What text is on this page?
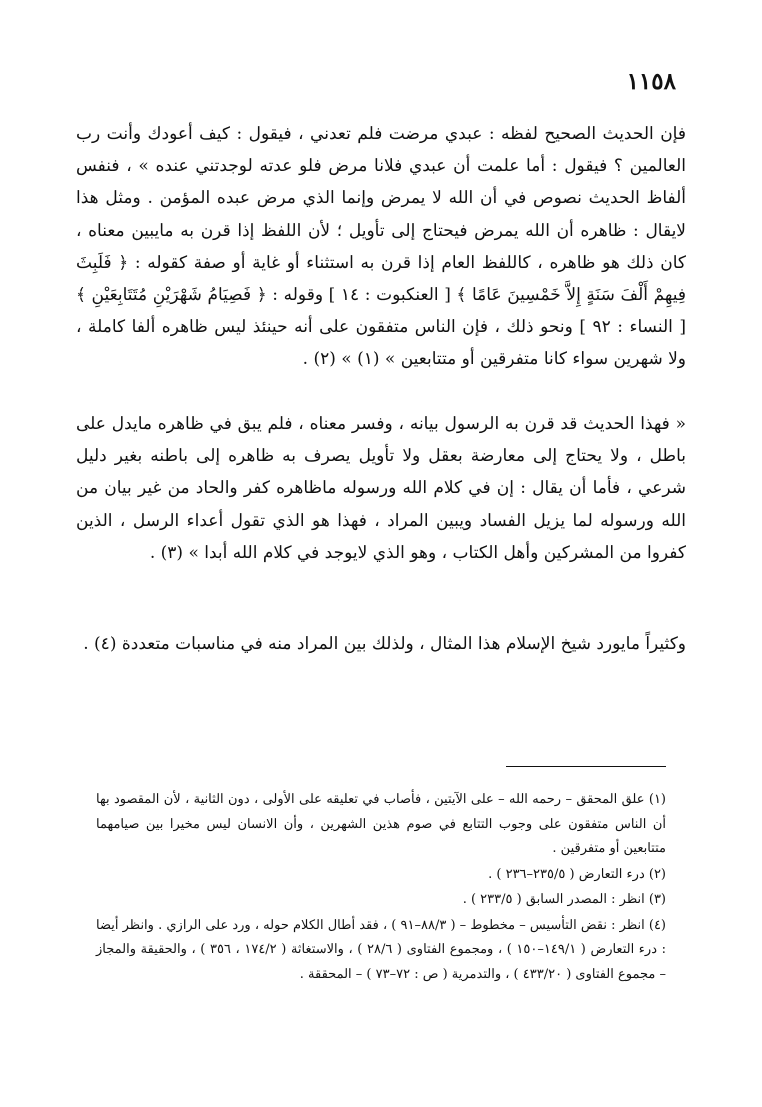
١١٥٨

فإن الحديث الصحيح لفظه : عبدي مرضت فلم تعدني ، فيقول : كيف أعودك وأنت رب العالمين ؟ فيقول : أما علمت أن عبدي فلانا مرض فلو عدته لوجدتني عنده » ، فنفس ألفاظ الحديث نصوص في أن الله لا يمرض وإنما الذي مرض عبده المؤمن . ومثل هذا لايقال : ظاهره أن الله يمرض فيحتاج إلى تأويل ؛ لأن اللفظ إذا قرن به مايبين معناه ، كان ذلك هو ظاهره ، كاللفظ العام إذا قرن به استثناء أو غاية أو صفة كقوله : ﴿ فَلَبِثَ فِيهِمْ أَلْفَ سَنَةٍ إِلاَّ خَمْسِينَ عَامًا ﴾ [ العنكبوت : ١٤ ] وقوله : ﴿ فَصِيَامُ شَهْرَيْنِ مُتَتَابِعَيْنِ ﴾ [ النساء : ٩٢ ] ونحو ذلك ، فإن الناس متفقون على أنه حينئذ ليس ظاهره ألفا كاملة ، ولا شهرين سواء كانا متفرقين أو متتابعين » (١) » (٢) .

« فهذا الحديث قد قرن به الرسول بيانه ، وفسر معناه ، فلم يبق في ظاهره مايدل على باطل ، ولا يحتاج إلى معارضة بعقل ولا تأويل يصرف به ظاهره إلى باطنه بغير دليل شرعي ، فأما أن يقال : إن في كلام الله ورسوله ماظاهره كفر والحاد من غير بيان من الله ورسوله لما يزيل الفساد ويبين المراد ، فهذا هو الذي تقول أعداء الرسل ، الذين كفروا من المشركين وأهل الكتاب ، وهو الذي لايوجد في كلام الله أبدا » (٣) .

وكثيراً مايورد شيخ الإسلام هذا المثال ، ولذلك بين المراد منه في مناسبات متعددة (٤) .

(١) علق المحقق – رحمه الله – على الآيتين ، فأصاب في تعليقه على الأولى ، دون الثانية ، لأن المقصود بها أن الناس متفقون على وجوب التتابع في صوم هذين الشهرين ، وأن الانسان ليس مخيرا بين صيامهما متتابعين أو متفرقين .

(٢) درء التعارض ( ٢٣٥/٥–٢٣٦ ) .

(٣) انظر : المصدر السابق ( ٢٣٣/٥ ) .

(٤) انظر : نقض التأسيس – مخطوط – ( ٨٨/٣–٩١ ) ، فقد أطال الكلام حوله ، ورد على الرازي . وانظر أيضا : درء التعارض ( ١٤٩/١–١٥٠ ) ، ومجموع الفتاوى ( ٢٨/٦ ) ، والاستغاثة ( ١٧٤/٢ ، ٣٥٦ ) ، والحقيقة والمجاز – مجموع الفتاوى ( ٤٣٣/٢٠ ) ، والتدمرية ( ص : ٧٢–٧٣ ) – المحققة .
